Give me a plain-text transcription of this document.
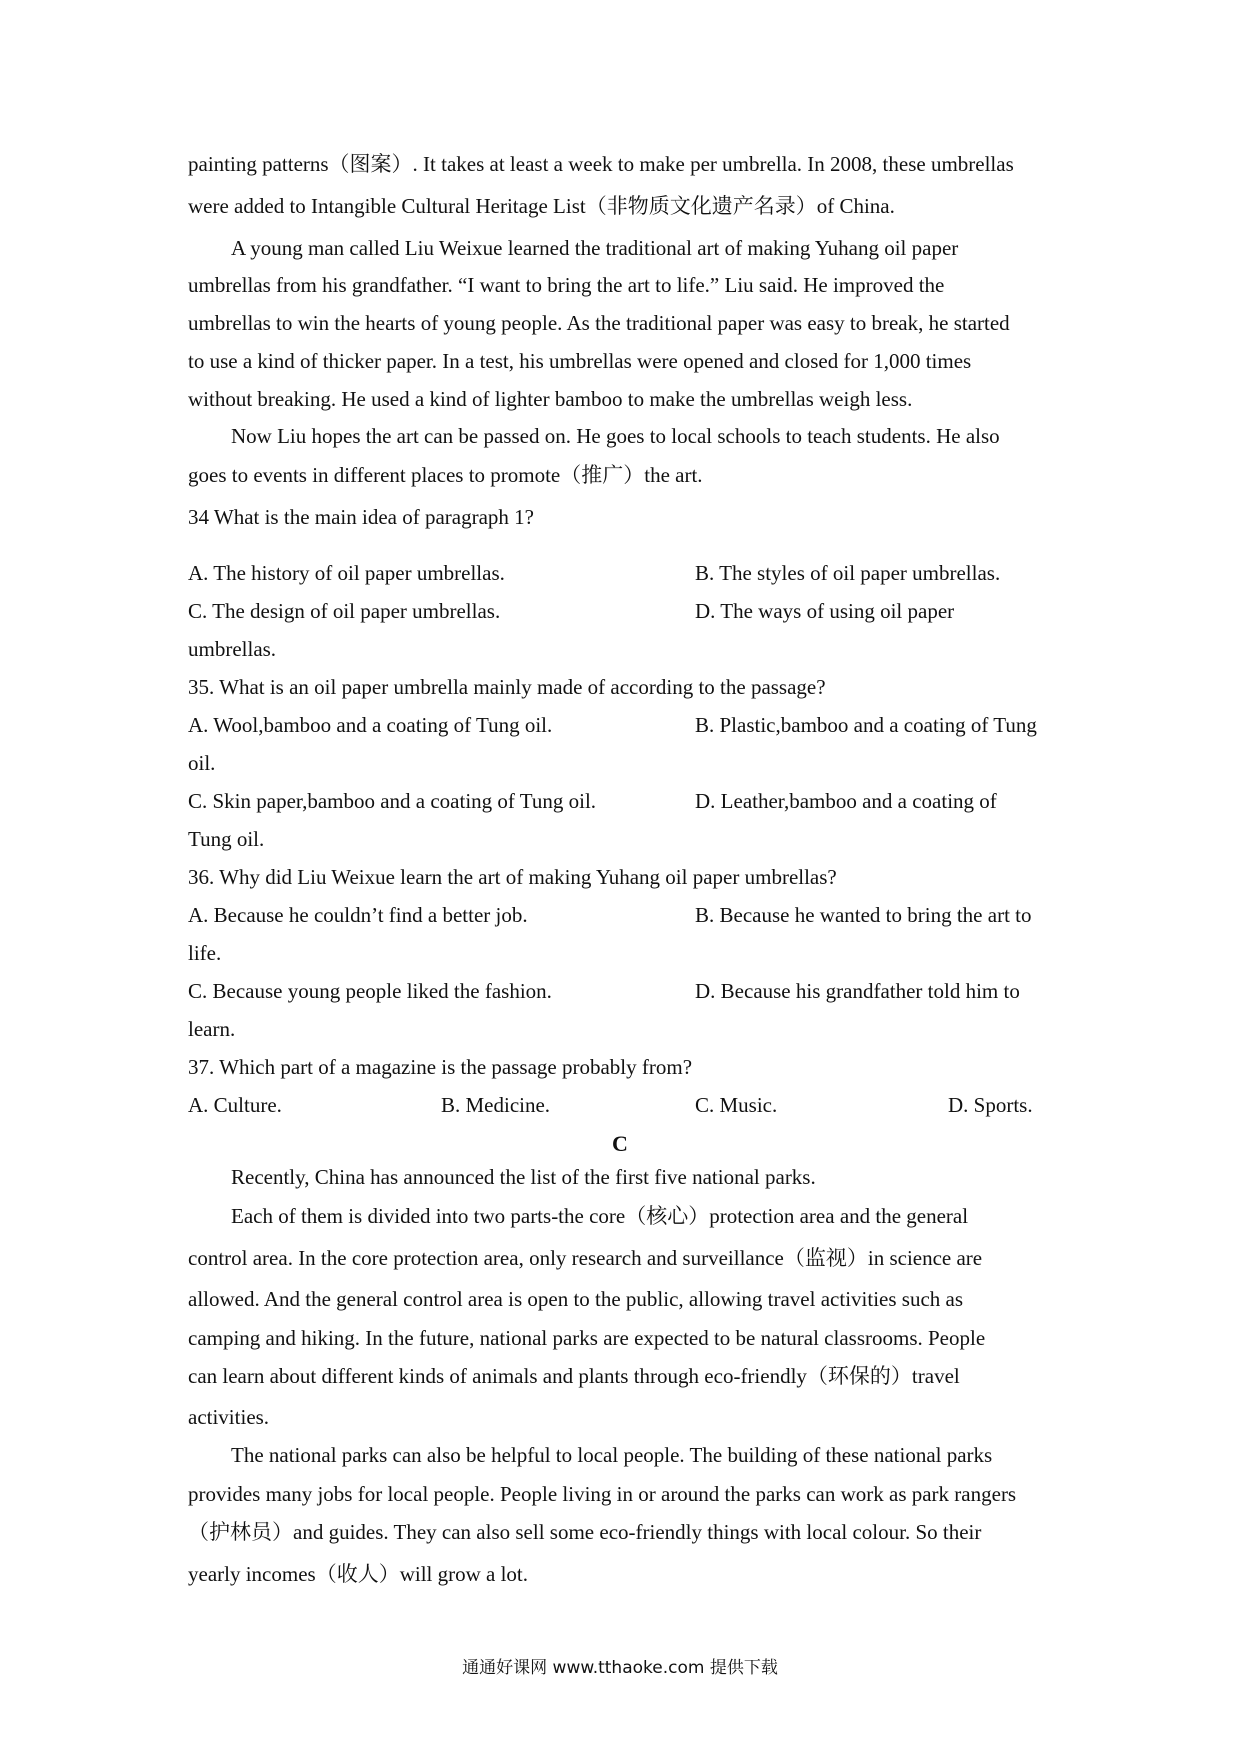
painting patterns（图案）. It takes at least a week to make per umbrella. In 2008, these umbrellas
were added to Intangible Cultural Heritage List（非物质文化遗产名录）of China.
A young man called Liu Weixue learned the traditional art of making Yuhang oil paper
umbrellas from his grandfather. “I want to bring the art to life.” Liu said. He improved the
umbrellas to win the hearts of young people. As the traditional paper was easy to break, he started
to use a kind of thicker paper. In a test, his umbrellas were opened and closed for 1,000 times
without breaking. He used a kind of lighter bamboo to make the umbrellas weigh less.
Now Liu hopes the art can be passed on. He goes to local schools to teach students. He also
goes to events in different places to promote（推广）the art.
34 What is the main idea of paragraph 1?
A. The history of oil paper umbrellas.	B. The styles of oil paper umbrellas.
C. The design of oil paper umbrellas.	D. The ways of using oil paper
umbrellas.
35. What is an oil paper umbrella mainly made of according to the passage?
A. Wool,bamboo and a coating of Tung oil.	B. Plastic,bamboo and a coating of Tung
oil.
C. Skin paper,bamboo and a coating of Tung oil.	D. Leather,bamboo and a coating of
Tung oil.
36. Why did Liu Weixue learn the art of making Yuhang oil paper umbrellas?
A. Because he couldn’t find a better job.	B. Because he wanted to bring the art to
life.
C. Because young people liked the fashion.	D. Because his grandfather told him to
learn.
37. Which part of a magazine is the passage probably from?
A. Culture.	B. Medicine.	C. Music.	D. Sports.
C
Recently, China has announced the list of the first five national parks.
Each of them is divided into two parts-the core（核心）protection area and the general
control area. In the core protection area, only research and surveillance（监视）in science are
allowed. And the general control area is open to the public, allowing travel activities such as
camping and hiking. In the future, national parks are expected to be natural classrooms. People
can learn about different kinds of animals and plants through eco-friendly（环保的）travel
activities.
The national parks can also be helpful to local people. The building of these national parks
provides many jobs for local people. People living in or around the parks can work as park rangers
（护林员）and guides. They can also sell some eco-friendly things with local colour. So their
yearly incomes（收人）will grow a lot.
通通好课网 www.tthaoke.com 提供下载
